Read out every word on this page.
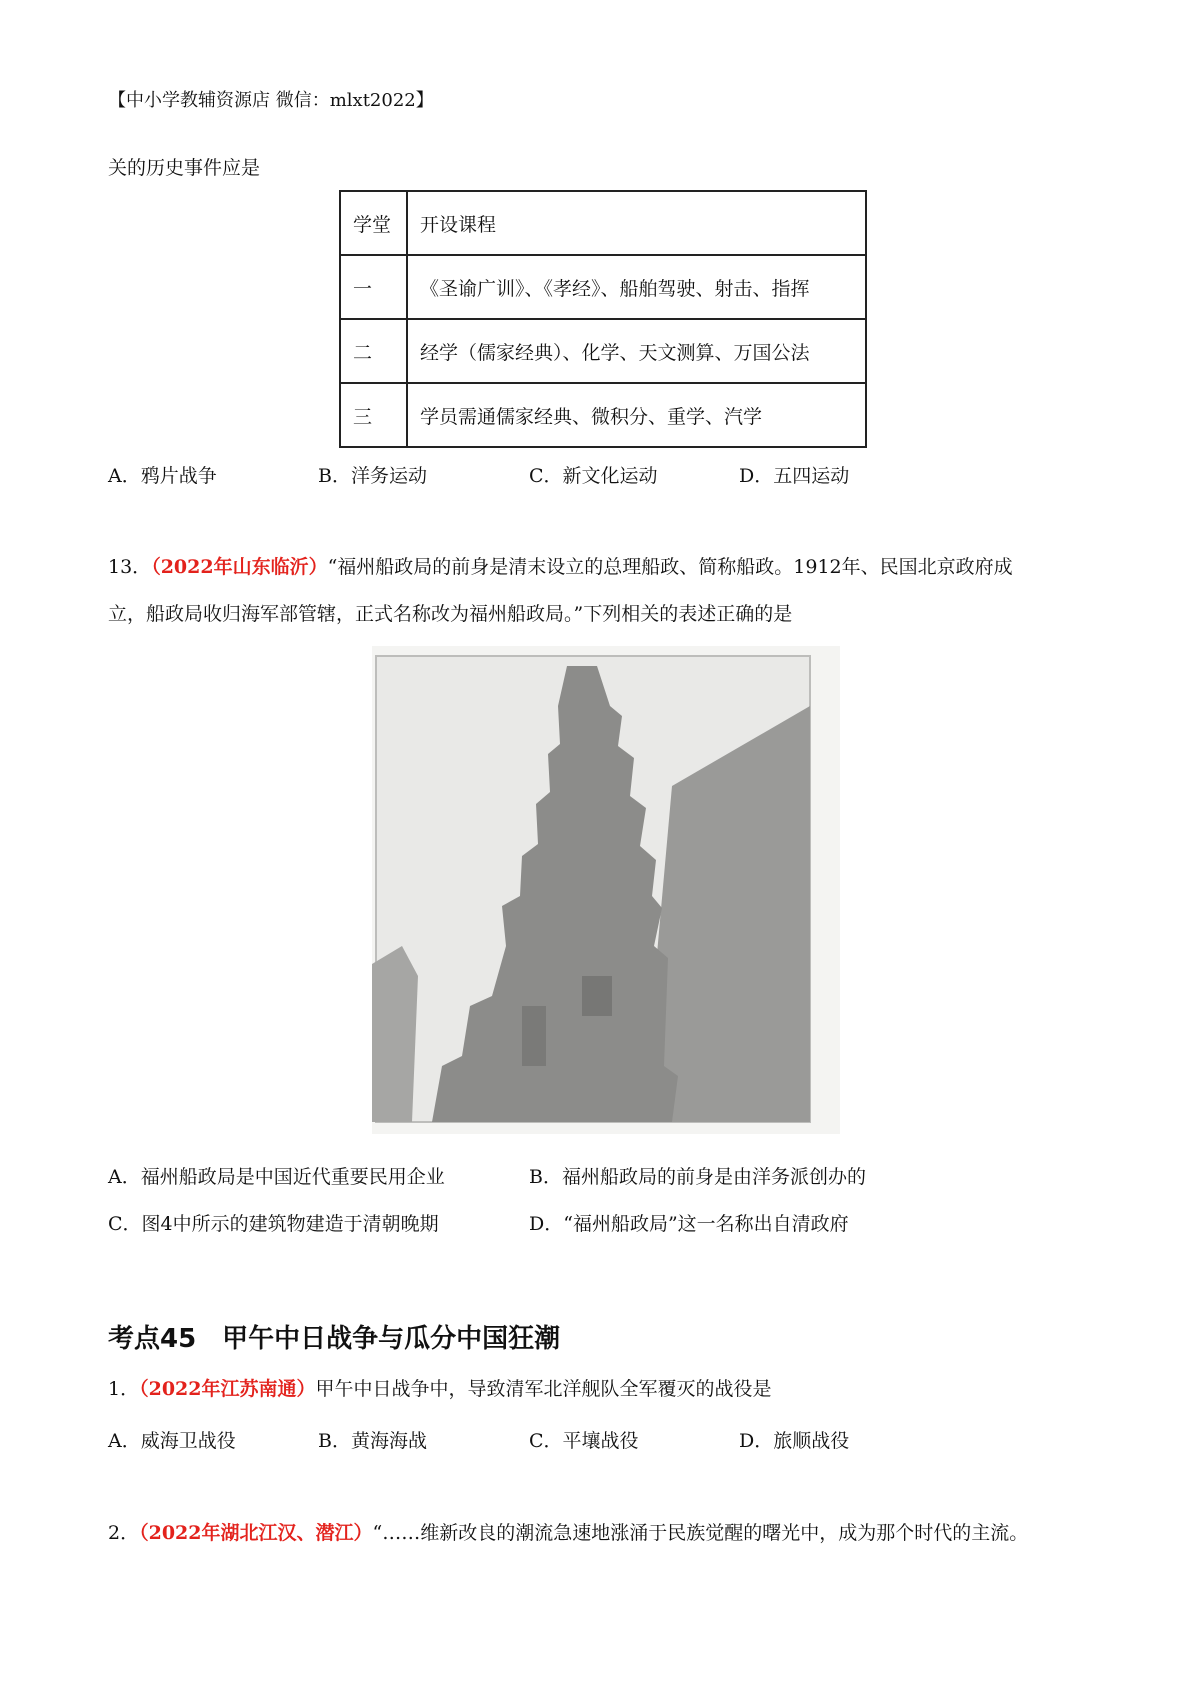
【中小学教辅资源店 微信：mlxt2022】
关的历史事件应是
学堂	开设课程
一	《圣谕广训》、《孝经》、船舶驾驶、射击、指挥
二	经学（儒家经典）、化学、天文测算、万国公法
三	学员需通儒家经典、微积分、重学、汽学
A．鸦片战争	B．洋务运动	C．新文化运动	D．五四运动
13．（2022年山东临沂）“福州船政局的前身是清末设立的总理船政、简称船政。1912年、民国北京政府成
立，船政局收归海军部管辖，正式名称改为福州船政局。”下列相关的表述正确的是
A．福州船政局是中国近代重要民用企业	B．福州船政局的前身是由洋务派创办的
C．图4中所示的建筑物建造于清朝晚期	D．“福州船政局”这一名称出自清政府
考点45　甲午中日战争与瓜分中国狂潮
1．（2022年江苏南通）甲午中日战争中，导致清军北洋舰队全军覆灭的战役是
A．威海卫战役	B．黄海海战	C．平壤战役	D．旅顺战役
2．（2022年湖北江汉、潜江）“……维新改良的潮流急速地涨涌于民族觉醒的曙光中，成为那个时代的主流。
